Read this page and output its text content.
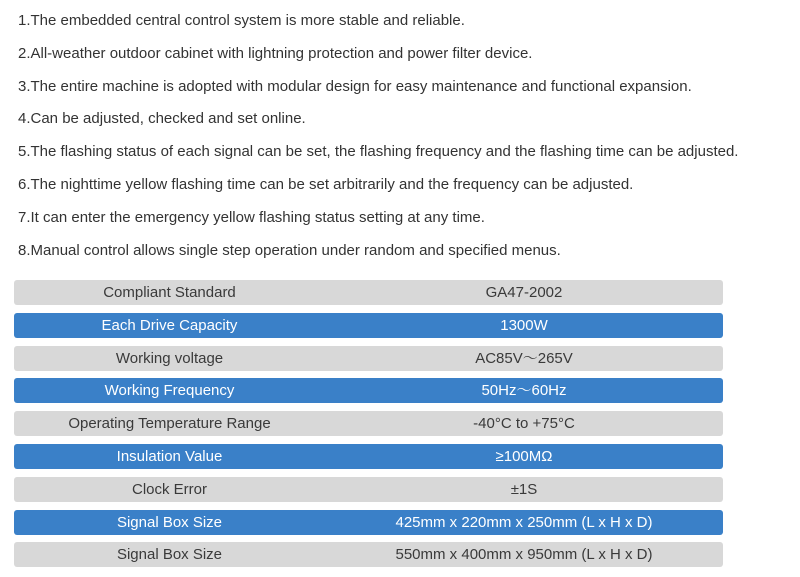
1.The embedded central control system is more stable and reliable.
2.All-weather outdoor cabinet with lightning protection and power filter device.
3.The entire machine is adopted with modular design for easy maintenance and functional expansion.
4.Can be adjusted, checked and set online.
5.The flashing status of each signal can be set, the flashing frequency and the flashing time can be adjusted.
6.The nighttime yellow flashing time can be set arbitrarily and the frequency can be adjusted.
7.It can enter the emergency yellow flashing status setting at any time.
8.Manual control allows single step operation under random and specified menus.
Compliant Standard	GA47-2002
Each Drive Capacity	1300W
Working voltage	AC85V～265V
Working Frequency	50Hz～60Hz
Operating Temperature Range	-40°C to +75°C
Insulation Value	≥100MΩ
Clock Error	±1S
Signal Box Size	425mm x 220mm x 250mm (L x H x D)
Signal Box Size	550mm x 400mm x 950mm (L x H x D)
